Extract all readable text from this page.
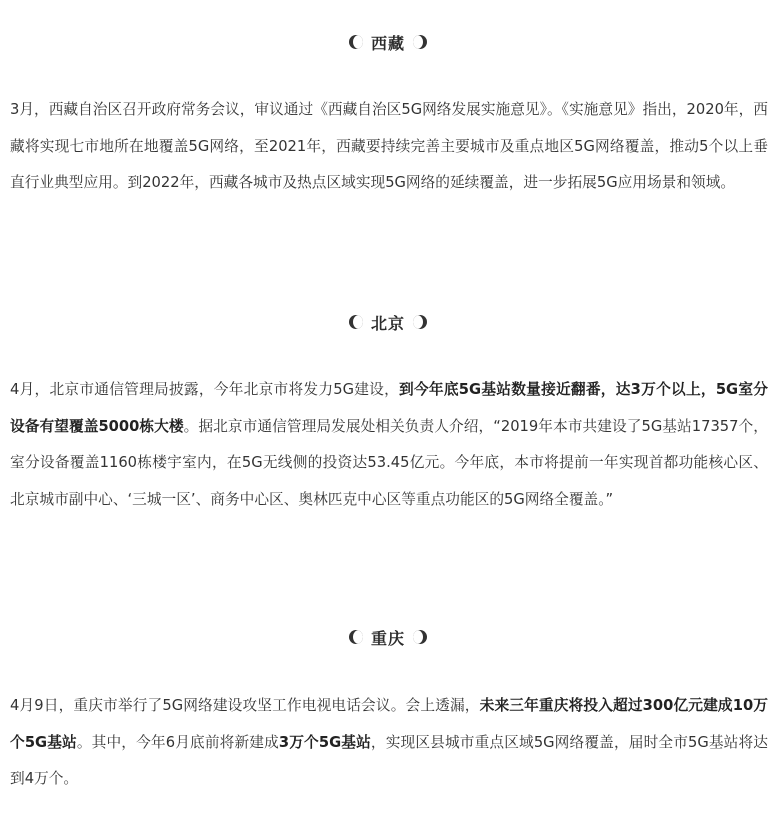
西藏

3月，西藏自治区召开政府常务会议，审议通过《西藏自治区5G网络发展实施意见》。《实施意见》指出，2020年，西藏将实现七市地所在地覆盖5G网络，至2021年，西藏要持续完善主要城市及重点地区5G网络覆盖，推动5个以上垂直行业典型应用。到2022年，西藏各城市及热点区域实现5G网络的延续覆盖，进一步拓展5G应用场景和领域。

北京

4月，北京市通信管理局披露，今年北京市将发力5G建设，到今年底5G基站数量接近翻番，达3万个以上，5G室分设备有望覆盖5000栋大楼。据北京市通信管理局发展处相关负责人介绍，“2019年本市共建设了5G基站17357个，室分设备覆盖1160栋楼宇室内，在5G无线侧的投资达53.45亿元。今年底，本市将提前一年实现首都功能核心区、北京城市副中心、‘三城一区’、商务中心区、奥林匹克中心区等重点功能区的5G网络全覆盖。”

重庆

4月9日，重庆市举行了5G网络建设攻坚工作电视电话会议。会上透漏，未来三年重庆将投入超过300亿元建成10万个5G基站。其中，今年6月底前将新建成3万个5G基站，实现区县城市重点区域5G网络覆盖，届时全市5G基站将达到4万个。
